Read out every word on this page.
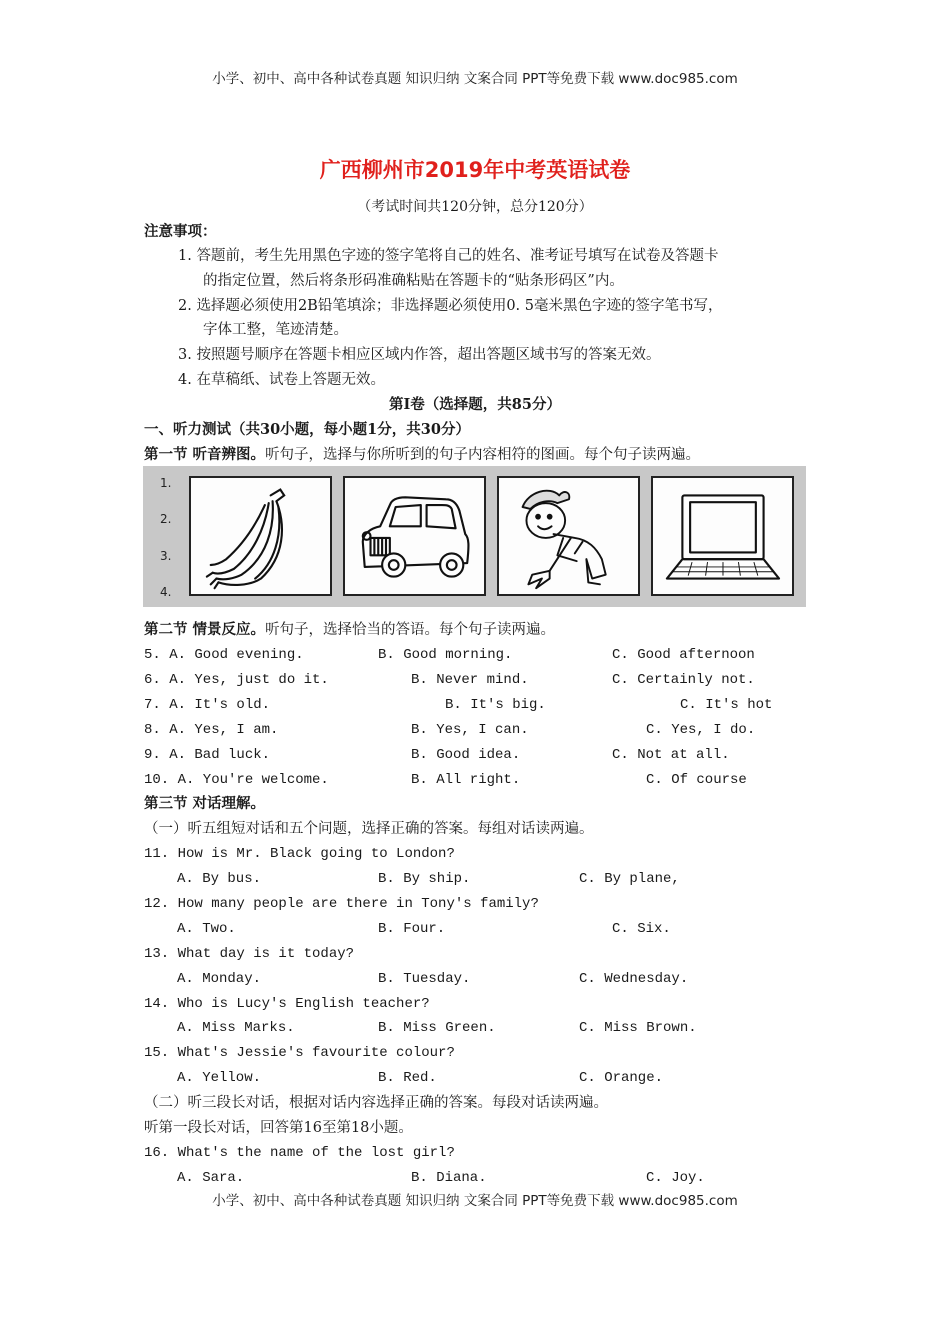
小学、初中、高中各种试卷真题 知识归纳 文案合同 PPT等免费下载 www.doc985.com
小学、初中、高中各种试卷真题 知识归纳 文案合同 PPT等免费下载 www.doc985.com
广西柳州市2019年中考英语试卷
（考试时间共120分钟，总分120分）
注意事项：
1. 答题前，考生先用黑色字迹的签字笔将自己的姓名、准考证号填写在试卷及答题卡
的指定位置，然后将条形码准确粘贴在答题卡的“贴条形码区”内。
2. 选择题必须使用2B铅笔填涂；非选择题必须使用0. 5毫米黑色字迹的签字笔书写，
字体工整，笔迹清楚。
3. 按照题号顺序在答题卡相应区域内作答，超出答题区域书写的答案无效。
4. 在草稿纸、试卷上答题无效。
第I卷（选择题，共85分）
一、听力测试（共30小题，每小题1分，共30分）
第一节 听音辨图。听句子，选择与你所听到的句子内容相符的图画。每个句子读两遍。
1.
2.
3.
4.
第二节 情景反应。听句子，选择恰当的答语。每个句子读两遍。
5. A. Good evening.	B. Good morning.	C. Good afternoon
6. A. Yes, just do it.	B. Never mind.	C. Certainly not.
7. A. It's old.	B. It's big.	C. It's hot
8. A. Yes, I am.	B. Yes, I can.	C. Yes, I do.
9. A. Bad luck.	B. Good idea.	C. Not at all.
10. A. You're welcome.	B. All right.	C. Of course
第三节 对话理解。
（一）听五组短对话和五个问题，选择正确的答案。每组对话读两遍。
11. How is Mr. Black going to London?
A. By bus.	B. By ship.	C. By plane,
12. How many people are there in Tony's family?
A. Two.	B. Four.	C. Six.
13. What day is it today?
A. Monday.	B. Tuesday.	C. Wednesday.
14. Who is Lucy's English teacher?
A. Miss Marks.	B. Miss Green.	C. Miss Brown.
15. What's Jessie's favourite colour?
A. Yellow.	B. Red.	C. Orange.
（二）听三段长对话，根据对话内容选择正确的答案。每段对话读两遍。
听第一段长对话，回答第16至第18小题。
16. What's the name of the lost girl?
A. Sara.	B. Diana.	C. Joy.
